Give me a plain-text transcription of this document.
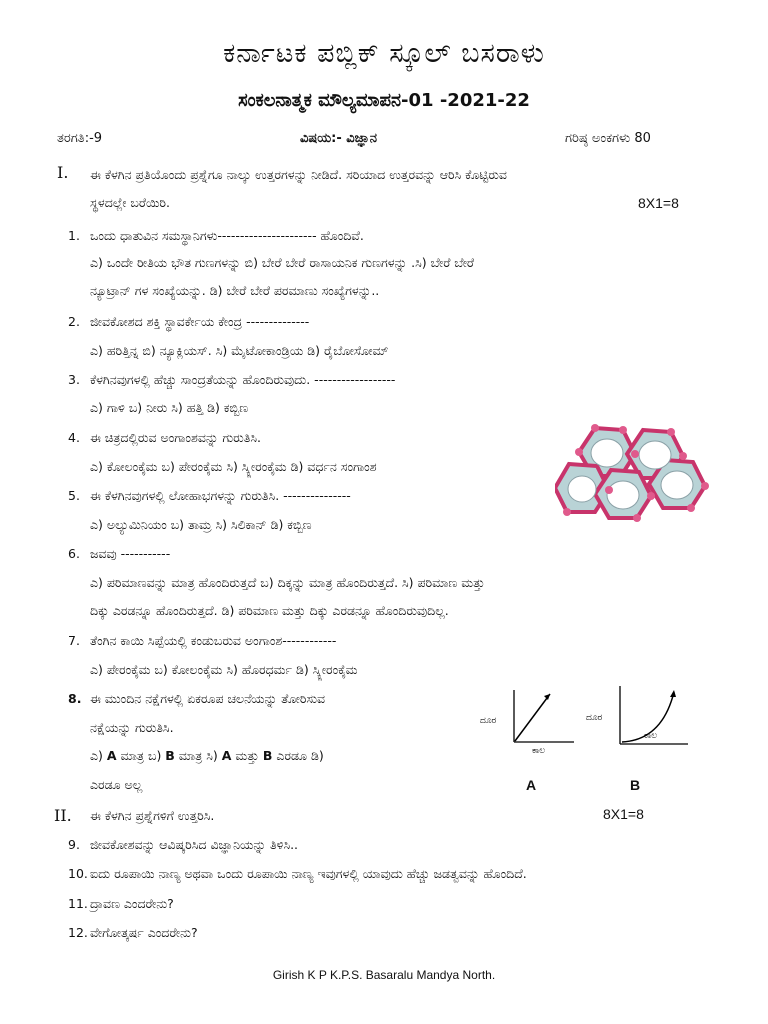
ಕರ್ನಾಟಕ ಪಬ್ಲಿಕ್ ಸ್ಕೂಲ್ ಬಸರಾಳು
ಸಂಕಲನಾತ್ಮಕ ಮೌಲ್ಯಮಾಪನ-01 -2021-22
ತರಗತಿ:-9	ವಿಷಯ:- ವಿಜ್ಞಾನ	ಗರಿಷ್ಠ ಅಂಕಗಳು 80
I. ಈ ಕೆಳಗಿನ ಪ್ರತಿಯೊಂದು ಪ್ರಶ್ನೆಗೂ ನಾಲ್ಕು ಉತ್ತರಗಳನ್ನು ನೀಡಿದೆ. ಸರಿಯಾದ ಉತ್ತರವನ್ನು ಆರಿಸಿ ಕೊಟ್ಟಿರುವ
ಸ್ಥಳದಲ್ಲೇ ಬರೆಯಿರಿ.	8X1=8
1. ಒಂದು ಧಾತುವಿನ ಸಮಸ್ಥಾನಿಗಳು---------------------- ಹೊಂದಿವೆ.
ಎ) ಒಂದೇ ರೀತಿಯ ಭೌತ ಗುಣಗಳನ್ನು ಬಿ) ಬೇರೆ ಬೇರೆ ರಾಸಾಯನಿಕ ಗುಣಗಳನ್ನು .ಸಿ) ಬೇರೆ ಬೇರೆ
ನ್ಯೂಟ್ರಾನ್ ಗಳ ಸಂಖ್ಯೆಯನ್ನು. ಡಿ) ಬೇರೆ ಬೇರೆ ಪರಮಾಣು ಸಂಖ್ಯೆಗಳನ್ನು..
2. ಜೀವಕೋಶದ ಶಕ್ತಿ ಸ್ಥಾವರ್ಕೇಯ ಕೇಂದ್ರ --------------
ಎ) ಹರಿತ್ತಿನ್ನ ಬಿ) ನ್ಯೂಕ್ಲಿಯಸ್. ಸಿ) ಮೈಟೋಕಾಂಡ್ರಿಯ ಡಿ) ರೈಬೋಸೋಮ್
3. ಕೆಳಗಿನವುಗಳಲ್ಲಿ ಹೆಚ್ಚು ಸಾಂದ್ರತೆಯನ್ನು ಹೊಂದಿರುವುದು. ------------------
ಎ) ಗಾಳಿ ಬ) ನೀರು ಸಿ) ಹತ್ತಿ ಡಿ) ಕಬ್ಬಿಣ
4. ಈ ಚಿತ್ರದಲ್ಲಿರುವ ಅಂಗಾಂಶವನ್ನು ಗುರುತಿಸಿ.
ಎ) ಕೋಲಂಕೈಮ ಬ) ಪೇರಂಕೈಮ ಸಿ) ಸ್ಕ್ಲೀರಂಕೈಮ ಡಿ) ವರ್ಧನ ಸಂಗಾಂಶ
5. ಈ ಕೆಳಗಿನವುಗಳಲ್ಲಿ ಲೋಹಾಭಗಳನ್ನು ಗುರುತಿಸಿ. ---------------
ಎ) ಅಲ್ಯುಮಿನಿಯಂ ಬ) ತಾಮ್ರ ಸಿ) ಸಿಲಿಕಾನ್ ಡಿ) ಕಬ್ಬಿಣ
6. ಜವವು -----------
ಎ) ಪರಿಮಾಣವನ್ನು ಮಾತ್ರ ಹೊಂದಿರುತ್ತದೆ ಬ) ದಿಕ್ಕನ್ನು ಮಾತ್ರ ಹೊಂದಿರುತ್ತದೆ. ಸಿ) ಪರಿಮಾಣ ಮತ್ತು
ದಿಕ್ಕು ಎರಡನ್ನೂ ಹೊಂದಿರುತ್ತದೆ. ಡಿ) ಪರಿಮಾಣ ಮತ್ತು ದಿಕ್ಕು ಎರಡನ್ನೂ ಹೊಂದಿರುವುದಿಲ್ಲ.
7. ತೆಂಗಿನ ಕಾಯಿ ಸಿಪ್ಪೆಯಲ್ಲಿ ಕಂಡುಬರುವ ಅಂಗಾಂಶ------------
ಎ) ಪೇರಂಕೈಮ ಬ) ಕೋಲಂಕೈಮ ಸಿ) ಹೊರಧರ್ಮ ಡಿ) ಸ್ಕ್ಲೀರಂಕೈಮ
8. ಈ ಮುಂದಿನ ನಕ್ಷೆಗಳಲ್ಲಿ ಏಕರೂಪ ಚಲನೆಯನ್ನು ತೋರಿಸುವ
ನಕ್ಷೆಯನ್ನು ಗುರುತಿಸಿ.
ಎ) A ಮಾತ್ರ ಬ) B ಮಾತ್ರ ಸಿ) A ಮತ್ತು B ಎರಡೂ ಡಿ)
ಎರಡೂ ಅಲ್ಲ
ದೂರ
ಕಾಲ
A
ದೂರ
ಕಾಲ
B
II. ಈ ಕೆಳಗಿನ ಪ್ರಶ್ನೆಗಳಿಗೆ ಉತ್ತರಿಸಿ.	8X1=8
9. ಜೀವಕೋಶವನ್ನು ಆವಿಷ್ಕರಿಸಿದ ವಿಜ್ಞಾನಿಯನ್ನು ತಿಳಿಸಿ..
10. ಐದು ರೂಪಾಯಿ ನಾಣ್ಯ ಅಥವಾ ಒಂದು ರೂಪಾಯಿ ನಾಣ್ಯ ಇವುಗಳಲ್ಲಿ ಯಾವುದು ಹೆಚ್ಚು ಜಡತ್ವವನ್ನು ಹೊಂದಿದೆ.
11. ದ್ರಾವಣ ಎಂದರೇನು?
12. ವೇಗೋತ್ಕರ್ಷ ಎಂದರೇನು?
Girish K P K.P.S. Basaralu Mandya North.
